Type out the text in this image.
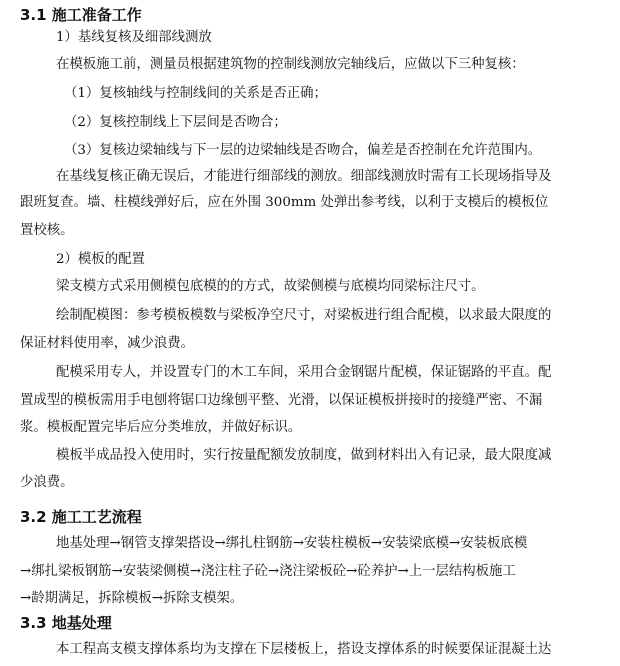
3.1 施工准备工作
1）基线复核及细部线测放
在模板施工前，测量员根据建筑物的控制线测放完轴线后，应做以下三种复核：
（1）复核轴线与控制线间的关系是否正确；
（2）复核控制线上下层间是否吻合；
（3）复核边梁轴线与下一层的边梁轴线是否吻合，偏差是否控制在允许范围内。
在基线复核正确无误后，才能进行细部线的测放。细部线测放时需有工长现场指导及
跟班复查。墙、柱模线弹好后，应在外围 300mm 处弹出参考线，以利于支模后的模板位
置校核。
2）模板的配置
梁支模方式采用侧模包底模的的方式，故梁侧模与底模均同梁标注尺寸。
绘制配模图：参考模板模数与梁板净空尺寸，对梁板进行组合配模，以求最大限度的
保证材料使用率，减少浪费。
配模采用专人，并设置专门的木工车间，采用合金钢锯片配模，保证锯路的平直。配
置成型的模板需用手电刨将锯口边缘刨平整、光滑，以保证模板拼接时的接缝严密、不漏
浆。模板配置完毕后应分类堆放，并做好标识。
模板半成品投入使用时，实行按量配额发放制度，做到材料出入有记录，最大限度减
少浪费。
3.2 施工工艺流程
地基处理→钢管支撑架搭设→绑扎柱钢筋→安装柱模板→安装梁底模→安装板底模
→绑扎梁板钢筋→安装梁侧模→浇注柱子砼→浇注梁板砼→砼养护→上一层结构板施工
→龄期满足，拆除模板→拆除支模架。
3.3 地基处理
本工程高支模支撑体系均为支撑在下层楼板上，搭设支撑体系的时候要保证混凝土达
